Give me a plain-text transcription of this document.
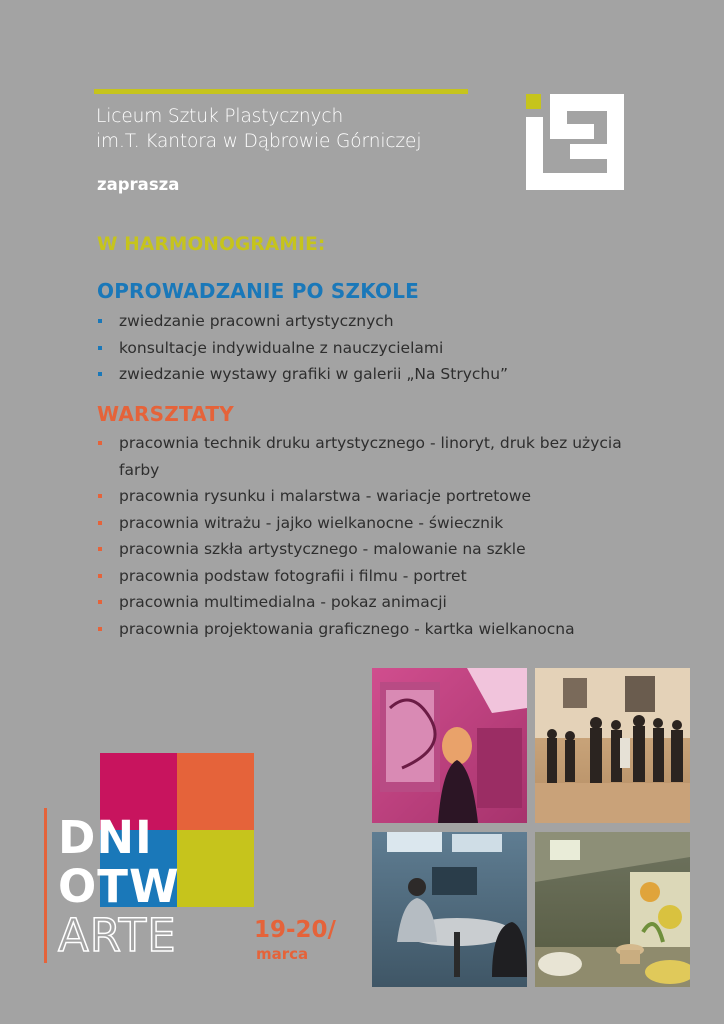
Liceum Sztuk Plastycznych
im.T. Kantora w Dąbrowie Górniczej
zaprasza
W HARMONOGRAMIE:
OPROWADZANIE PO SZKOLE
zwiedzanie pracowni artystycznych
konsultacje indywidualne z nauczycielami
zwiedzanie wystawy grafiki w galerii „Na Strychu”
WARSZTATY
pracownia technik druku artystycznego - linoryt, druk bez użycia farby
pracownia rysunku i malarstwa - wariacje portretowe
pracownia witrażu - jajko wielkanocne - świecznik
pracownia szkła artystycznego - malowanie na szkle
pracownia podstaw fotografii i filmu - portret
pracownia multimedialna - pokaz animacji
pracownia projektowania graficznego - kartka wielkanocna
DNI
OTW
ARTE	19-20/
marca
